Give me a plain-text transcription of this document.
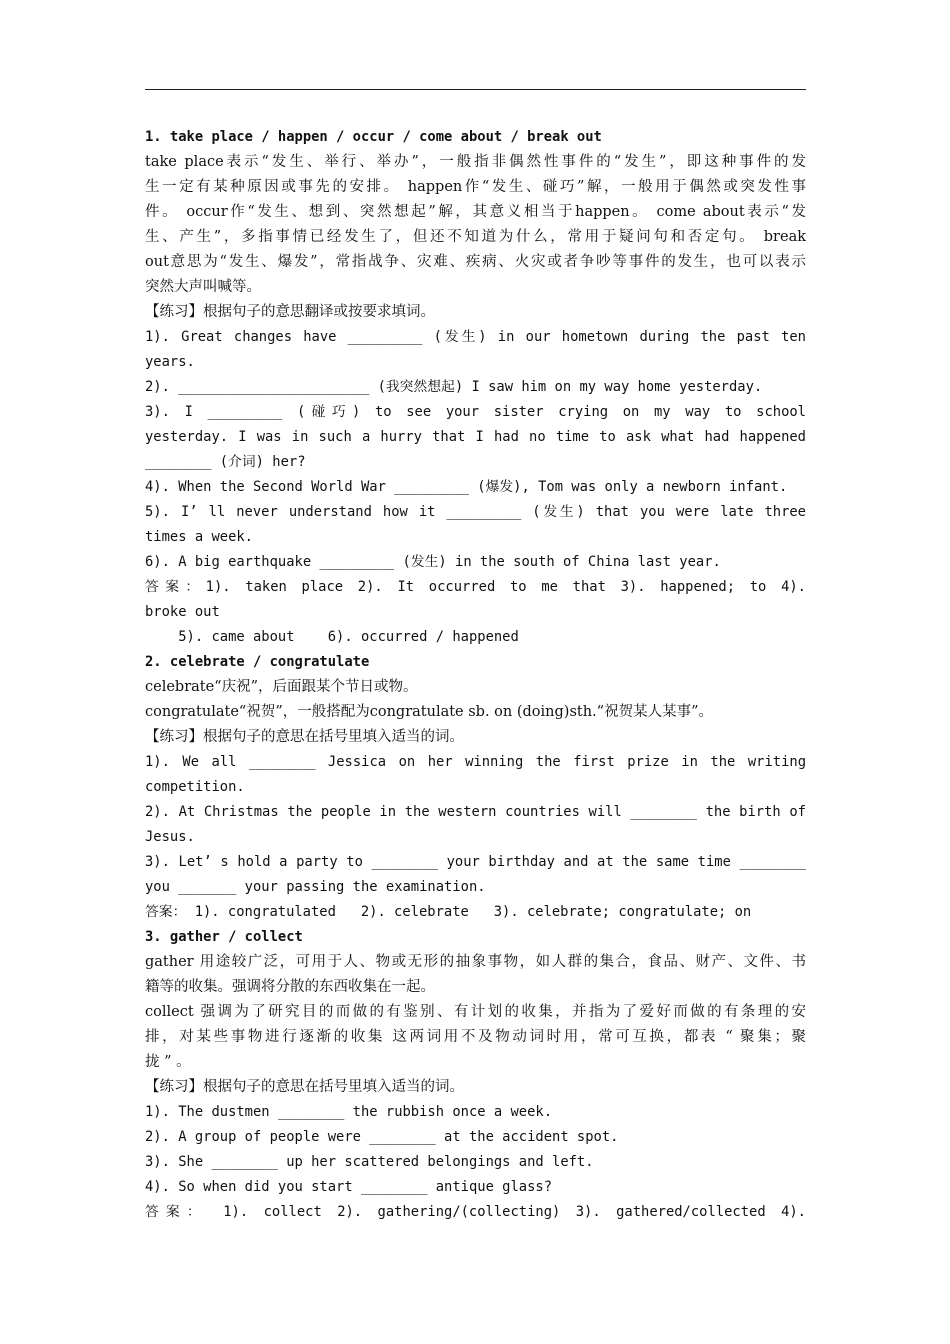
1. take place / happen / occur / come about / break out
take place表示“发生、举行、举办”，一般指非偶然性事件的“发生”，即这种事件的发
生一定有某种原因或事先的安排。 happen作“发生、碰巧”解，一般用于偶然或突发性事
件。 occur作“发生、想到、突然想起”解，其意义相当于happen。 come about表示“发
生、产生”，多指事情已经发生了，但还不知道为什么，常用于疑问句和否定句。 break
out意思为“发生、爆发”，常指战争、灾难、疾病、火灾或者争吵等事件的发生，也可以表示
突然大声叫喊等。
【练习】根据句子的意思翻译或按要求填词。
1). Great changes have _________ (发生) in our hometown during the past ten
years.
2). _______________________ (我突然想起) I saw him on my way home yesterday.
3). I _________ (碰巧) to see your sister crying on my way to school
yesterday. I was in such a hurry that I had no time to ask what had happened
________ (介词) her?
4). When the Second World War _________ (爆发), Tom was only a newborn infant.
5). I’ ll never understand how it _________ (发生) that you were late three
times a week.
6). A big earthquake _________ (发生) in the south of China last year.
答案：1). taken place 2). It occurred to me that 3). happened; to 4).
broke out
5). came about    6). occurred / happened
2. celebrate / congratulate
celebrate“庆祝”，后面跟某个节日或物。
congratulate“祝贺”，一般搭配为congratulate sb. on (doing)sth.“祝贺某人某事”。
【练习】根据句子的意思在括号里填入适当的词。
1). We all ________ Jessica on her winning the first prize in the writing
competition.
2). At Christmas the people in the western countries will ________ the birth of
Jesus.
3). Let’ s hold a party to ________ your birthday and at the same time ________
you _______ your passing the examination.
答案： 1). congratulated   2). celebrate   3). celebrate; congratulate; on
3. gather / collect
gather 用途较广泛，可用于人、物或无形的抽象事物，如人群的集合，食品、财产、文件、书
籍等的收集。强调将分散的东西收集在一起。
collect 强调为了研究目的而做的有鉴别、有计划的收集，并指为了爱好而做的有条理的安
排，对某些事物进行逐渐的收集 这两词用不及物动词时用，常可互换，都表 “ 聚集；聚
拢 ” 。
【练习】根据句子的意思在括号里填入适当的词。
1). The dustmen ________ the rubbish once a week.
2). A group of people were ________ at the accident spot.
3). She ________ up her scattered belongings and left.
4). So when did you start ________ antique glass?
答案： 1). collect 2). gathering/(collecting) 3). gathered/collected 4).
